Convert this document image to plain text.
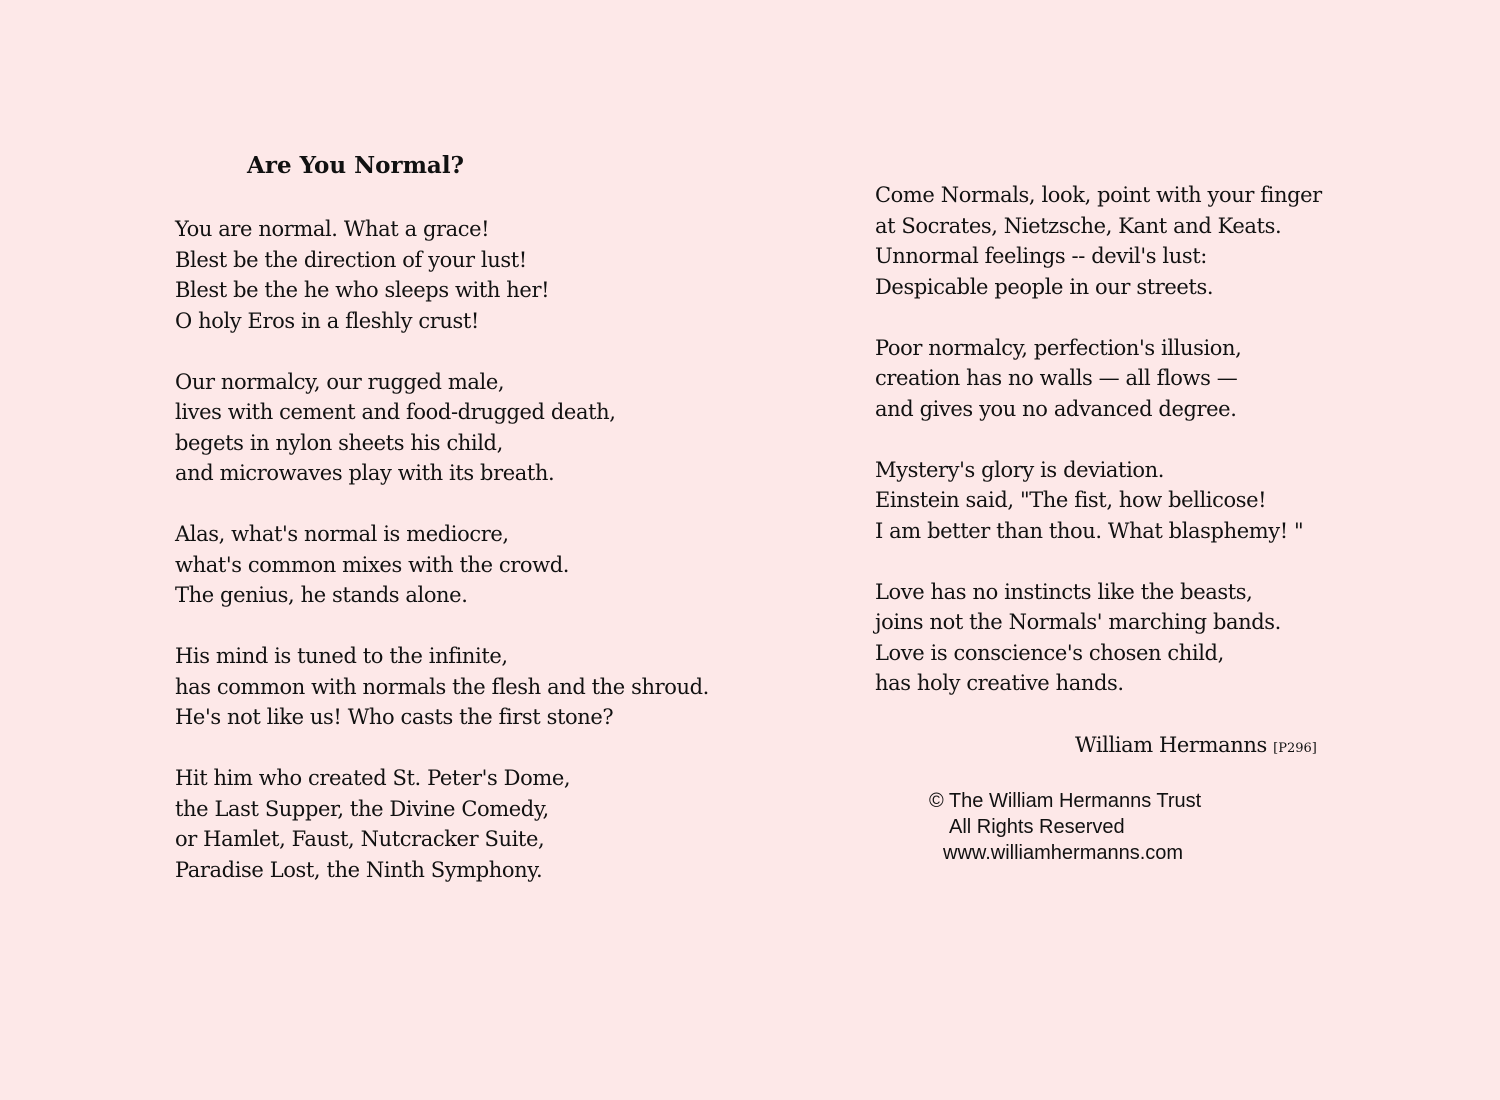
Are You Normal?
You are normal. What a grace!
Blest be the direction of your lust!
Blest be the he who sleeps with her!
O holy Eros in a fleshly crust!
Our normalcy, our rugged male,
lives with cement and food-drugged death,
begets in nylon sheets his child,
and microwaves play with its breath.
Alas, what's normal is mediocre,
what's common mixes with the crowd.
The genius, he stands alone.
His mind is tuned to the infinite,
has common with normals the flesh and the shroud.
He's not like us! Who casts the first stone?
Hit him who created St. Peter's Dome,
the Last Supper, the Divine Comedy,
or Hamlet, Faust, Nutcracker Suite,
Paradise Lost, the Ninth Symphony.
Come Normals, look, point with your finger
at Socrates, Nietzsche, Kant and Keats.
Unnormal feelings -- devil's lust:
Despicable people in our streets.
Poor normalcy, perfection's illusion,
creation has no walls — all flows —
and gives you no advanced degree.
Mystery's glory is deviation.
Einstein said, "The fist, how bellicose!
I am better than thou. What blasphemy! "
Love has no instincts like the beasts,
joins not the Normals' marching bands.
Love is conscience's chosen child,
has holy creative hands.
William Hermanns [P296]
© The William Hermanns Trust
All Rights Reserved
www.williamhermanns.com
